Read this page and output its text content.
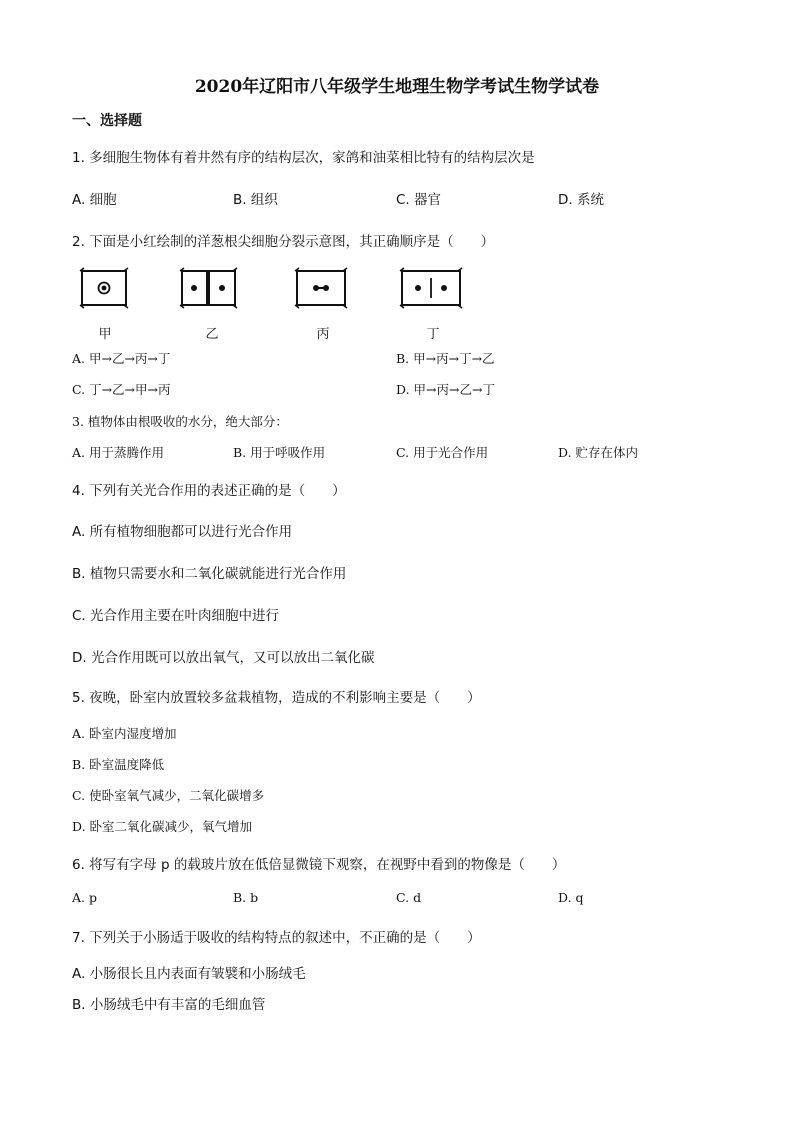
2020年辽阳市八年级学生地理生物学考试生物学试卷
一、选择题
1. 多细胞生物体有着井然有序的结构层次，家鸽和油菜相比特有的结构层次是
A. 细胞	B. 组织	C. 器官	D. 系统
2. 下面是小红绘制的洋葱根尖细胞分裂示意图，其正确顺序是（　　）
甲	乙	丙	丁
A. 甲→乙→丙→丁	B. 甲→丙→丁→乙
C. 丁→乙→甲→丙	D. 甲→丙→乙→丁
3. 植物体由根吸收的水分，绝大部分：
A. 用于蒸腾作用	B. 用于呼吸作用	C. 用于光合作用	D. 贮存在体内
4. 下列有关光合作用的表述正确的是（　　）
A. 所有植物细胞都可以进行光合作用
B. 植物只需要水和二氧化碳就能进行光合作用
C. 光合作用主要在叶肉细胞中进行
D. 光合作用既可以放出氧气，又可以放出二氧化碳
5. 夜晚，卧室内放置较多盆栽植物，造成的不利影响主要是（　　）
A. 卧室内湿度增加
B. 卧室温度降低
C. 使卧室氧气减少，二氧化碳增多
D. 卧室二氧化碳减少，氧气增加
6. 将写有字母 p 的载玻片放在低倍显微镜下观察，在视野中看到的物像是（　　）
A. p	B. b	C. d	D. q
7. 下列关于小肠适于吸收的结构特点的叙述中，不正确的是（　　）
A. 小肠很长且内表面有皱襞和小肠绒毛
B. 小肠绒毛中有丰富的毛细血管
